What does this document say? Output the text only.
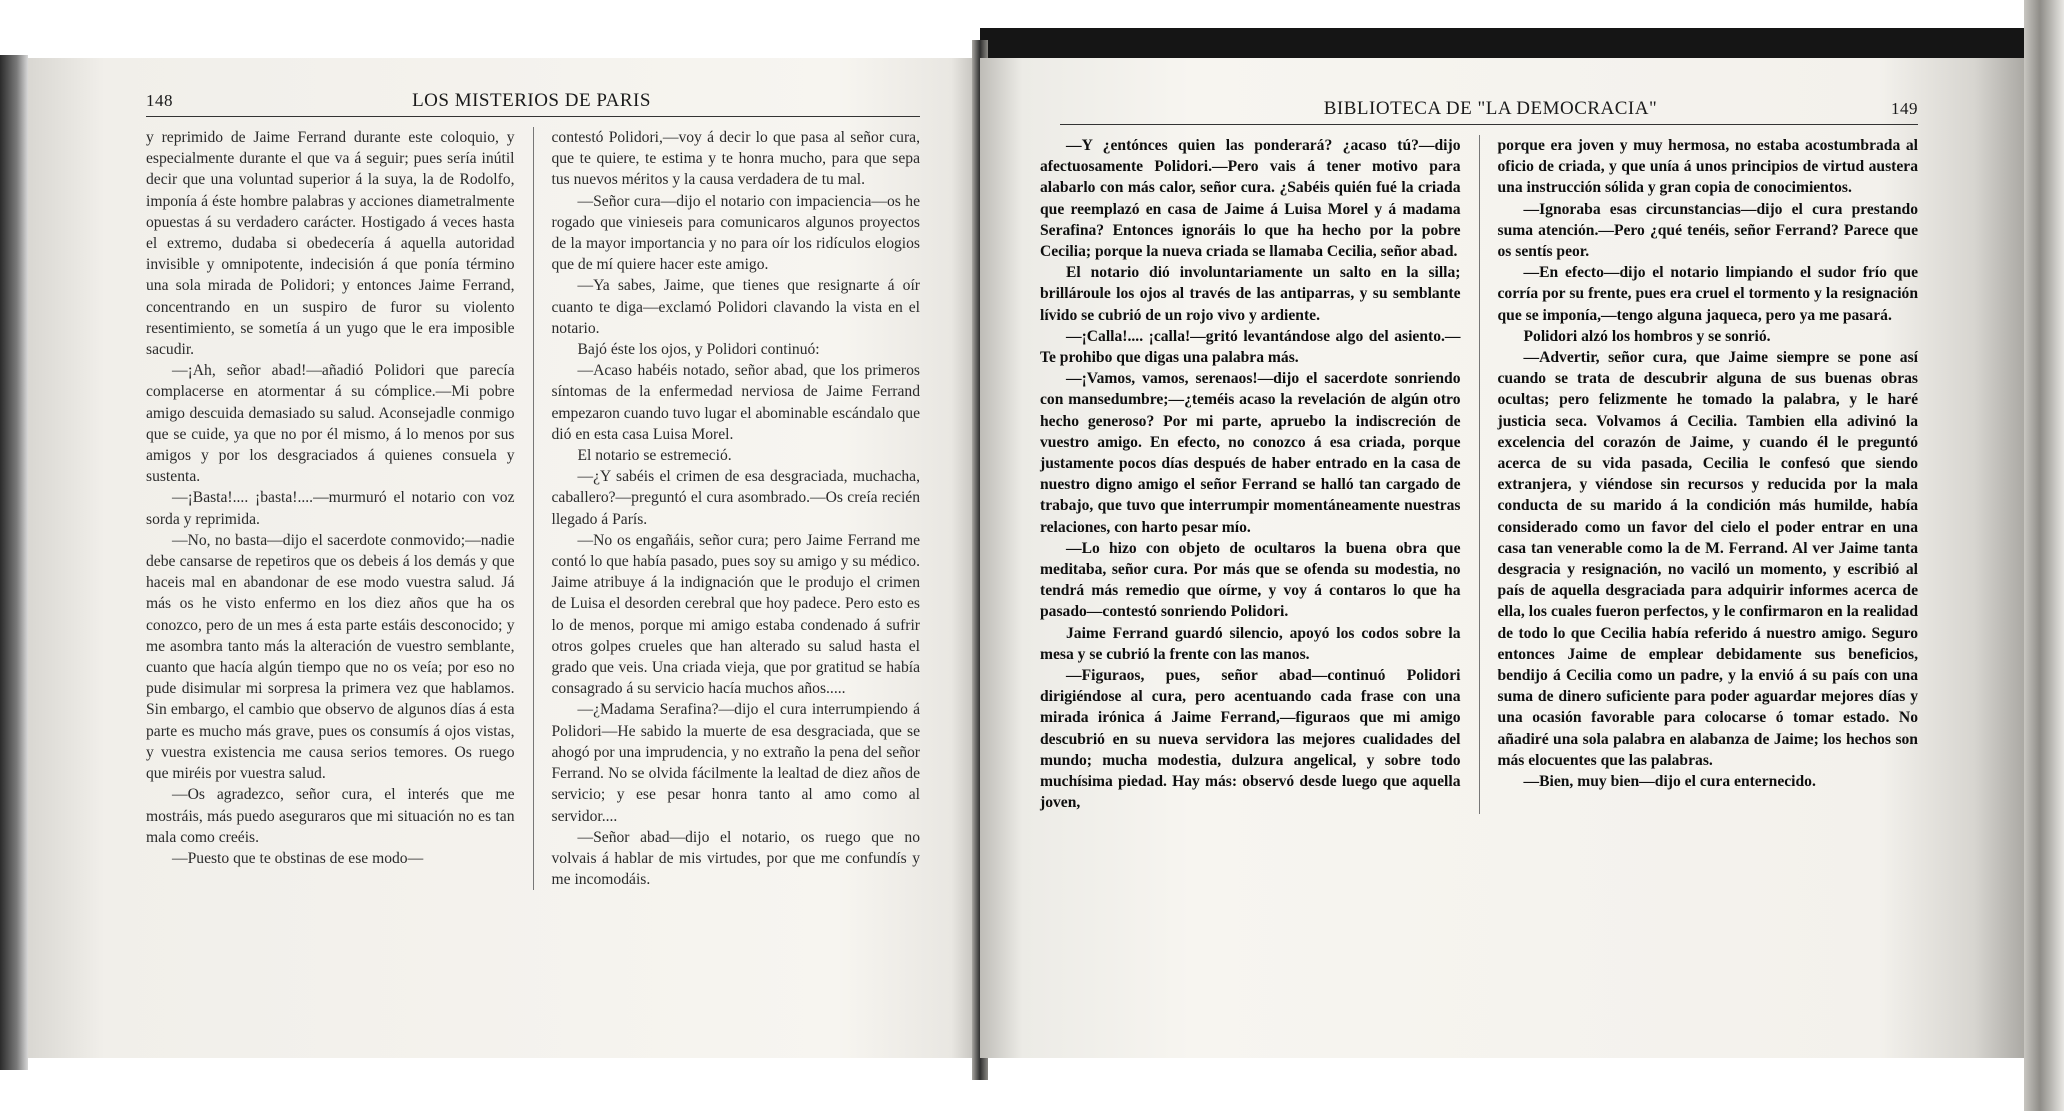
148	LOS MISTERIOS DE PARIS

y reprimido de Jaime Ferrand durante este coloquio, y especialmente durante el que va á seguir; pues sería inútil decir que una voluntad superior á la suya, la de Rodolfo, imponía á éste hombre palabras y acciones diametralmente opuestas á su verdadero carácter. Hostigado á veces hasta el extremo, dudaba si obedecería á aquella autoridad invisible y omnipotente, indecisión á que ponía término una sola mirada de Polidori; y entonces Jaime Ferrand, concentrando en un suspiro de furor su violento resentimiento, se sometía á un yugo que le era imposible sacudir.

—¡Ah, señor abad!—añadió Polidori que parecía complacerse en atormentar á su cómplice.—Mi pobre amigo descuida demasiado su salud. Aconsejadle conmigo que se cuide, ya que no por él mismo, á lo menos por sus amigos y por los desgraciados á quienes consuela y sustenta.

—¡Basta!.... ¡basta!....—murmuró el notario con voz sorda y reprimida.

—No, no basta—dijo el sacerdote conmovido;—nadie debe cansarse de repetiros que os debeis á los demás y que haceis mal en abandonar de ese modo vuestra salud. Já más os he visto enfermo en los diez años que ha os conozco, pero de un mes á esta parte estáis desconocido; y me asombra tanto más la alteración de vuestro semblante, cuanto que hacía algún tiempo que no os veía; por eso no pude disimular mi sorpresa la primera vez que hablamos. Sin embargo, el cambio que observo de algunos días á esta parte es mucho más grave, pues os consumís á ojos vistas, y vuestra existencia me causa serios temores. Os ruego que miréis por vuestra salud.

—Os agradezco, señor cura, el interés que me mostráis, más puedo aseguraros que mi situación no es tan mala como creéis.

—Puesto que te obstinas de ese modo—

contestó Polidori,—voy á decir lo que pasa al señor cura, que te quiere, te estima y te honra mucho, para que sepa tus nuevos méritos y la causa verdadera de tu mal.

—Señor cura—dijo el notario con impaciencia—os he rogado que vinieseis para comunicaros algunos proyectos de la mayor importancia y no para oír los ridículos elogios que de mí quiere hacer este amigo.

—Ya sabes, Jaime, que tienes que resignarte á oír cuanto te diga—exclamó Polidori clavando la vista en el notario.

Bajó éste los ojos, y Polidori continuó:

—Acaso habéis notado, señor abad, que los primeros síntomas de la enfermedad nerviosa de Jaime Ferrand empezaron cuando tuvo lugar el abominable escándalo que dió en esta casa Luisa Morel.

El notario se estremeció.

—¿Y sabéis el crimen de esa desgraciada, muchacha, caballero?—preguntó el cura asombrado.—Os creía recién llegado á París.

—No os engañáis, señor cura; pero Jaime Ferrand me contó lo que había pasado, pues soy su amigo y su médico. Jaime atribuye á la indignación que le produjo el crimen de Luisa el desorden cerebral que hoy padece. Pero esto es lo de menos, porque mi amigo estaba condenado á sufrir otros golpes crueles que han alterado su salud hasta el grado que veis. Una criada vieja, que por gratitud se había consagrado á su servicio hacía muchos años.....

—¿Madama Serafina?—dijo el cura interrumpiendo á Polidori—He sabido la muerte de esa desgraciada, que se ahogó por una imprudencia, y no extraño la pena del señor Ferrand. No se olvida fácilmente la lealtad de diez años de servicio; y ese pesar honra tanto al amo como al servidor....

—Señor abad—dijo el notario, os ruego que no volvais á hablar de mis virtudes, por que me confundís y me incomodáis.

BIBLIOTECA DE "LA DEMOCRACIA"	149

—Y ¿entónces quien las ponderará? ¿acaso tú?—dijo afectuosamente Polidori.—Pero vais á tener motivo para alabarlo con más calor, señor cura. ¿Sabéis quién fué la criada que reemplazó en casa de Jaime á Luisa Morel y á madama Serafina? Entonces ignoráis lo que ha hecho por la pobre Cecilia; porque la nueva criada se llamaba Cecilia, señor abad.

El notario dió involuntariamente un salto en la silla; brillároule los ojos al través de las antiparras, y su semblante lívido se cubrió de un rojo vivo y ardiente.

—¡Calla!.... ¡calla!—gritó levantándose algo del asiento.—Te prohibo que digas una palabra más.

—¡Vamos, vamos, serenaos!—dijo el sacerdote sonriendo con mansedumbre;—¿teméis acaso la revelación de algún otro hecho generoso? Por mi parte, apruebo la indiscreción de vuestro amigo. En efecto, no conozco á esa criada, porque justamente pocos días después de haber entrado en la casa de nuestro digno amigo el señor Ferrand se halló tan cargado de trabajo, que tuvo que interrumpir momentáneamente nuestras relaciones, con harto pesar mío.

—Lo hizo con objeto de ocultaros la buena obra que meditaba, señor cura. Por más que se ofenda su modestia, no tendrá más remedio que oírme, y voy á contaros lo que ha pasado—contestó sonriendo Polidori.

Jaime Ferrand guardó silencio, apoyó los codos sobre la mesa y se cubrió la frente con las manos.

—Figuraos, pues, señor abad—continuó Polidori dirigiéndose al cura, pero acentuando cada frase con una mirada irónica á Jaime Ferrand,—figuraos que mi amigo descubrió en su nueva servidora las mejores cualidades del mundo; mucha modestia, dulzura angelical, y sobre todo muchísima piedad. Hay más: observó desde luego que aquella joven,

porque era joven y muy hermosa, no estaba acostumbrada al oficio de criada, y que unía á unos principios de virtud austera una instrucción sólida y gran copia de conocimientos.

—Ignoraba esas circunstancias—dijo el cura prestando suma atención.—Pero ¿qué tenéis, señor Ferrand? Parece que os sentís peor.

—En efecto—dijo el notario limpiando el sudor frío que corría por su frente, pues era cruel el tormento y la resignación que se imponía,—tengo alguna jaqueca, pero ya me pasará.

Polidori alzó los hombros y se sonrió.

—Advertir, señor cura, que Jaime siempre se pone así cuando se trata de descubrir alguna de sus buenas obras ocultas; pero felizmente he tomado la palabra, y le haré justicia seca. Volvamos á Cecilia. Tambien ella adivinó la excelencia del corazón de Jaime, y cuando él le preguntó acerca de su vida pasada, Cecilia le confesó que siendo extranjera, y viéndose sin recursos y reducida por la mala conducta de su marido á la condición más humilde, había considerado como un favor del cielo el poder entrar en una casa tan venerable como la de M. Ferrand. Al ver Jaime tanta desgracia y resignación, no vaciló un momento, y escribió al país de aquella desgraciada para adquirir informes acerca de ella, los cuales fueron perfectos, y le confirmaron en la realidad de todo lo que Cecilia había referido á nuestro amigo. Seguro entonces Jaime de emplear debidamente sus beneficios, bendijo á Cecilia como un padre, y la envió á su país con una suma de dinero suficiente para poder aguardar mejores días y una ocasión favorable para colocarse ó tomar estado. No añadiré una sola palabra en alabanza de Jaime; los hechos son más elocuentes que las palabras.

—Bien, muy bien—dijo el cura enternecido.
